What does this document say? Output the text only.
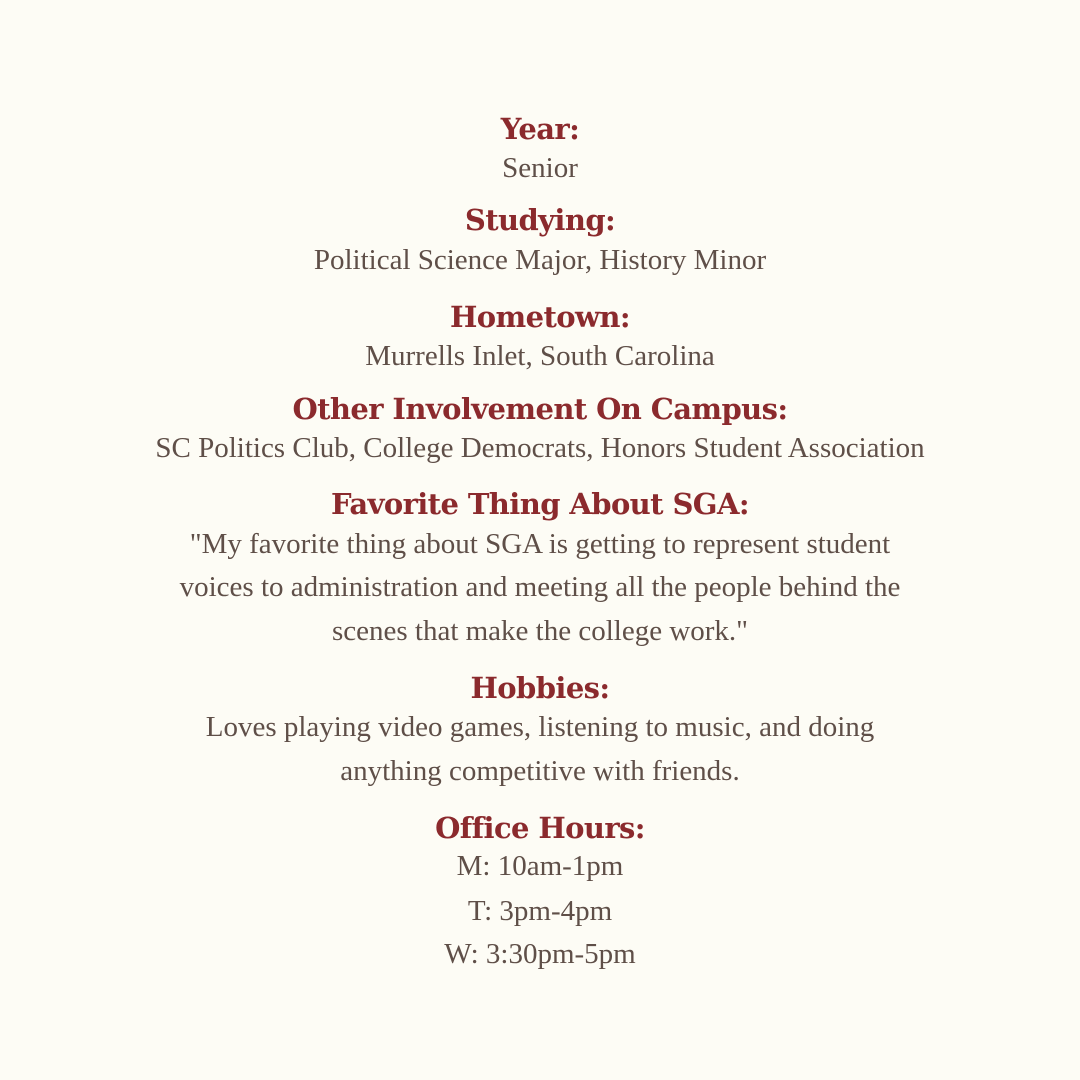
Year:
Senior
Studying:
Political Science Major, History Minor
Hometown:
Murrells Inlet, South Carolina
Other Involvement On Campus:
SC Politics Club, College Democrats, Honors Student Association
Favorite Thing About SGA:
"My favorite thing about SGA is getting to represent student
voices to administration and meeting all the people behind the
scenes that make the college work."
Hobbies:
Loves playing video games, listening to music, and doing
anything competitive with friends.
Office Hours:
M: 10am-1pm
T: 3pm-4pm
W: 3:30pm-5pm
